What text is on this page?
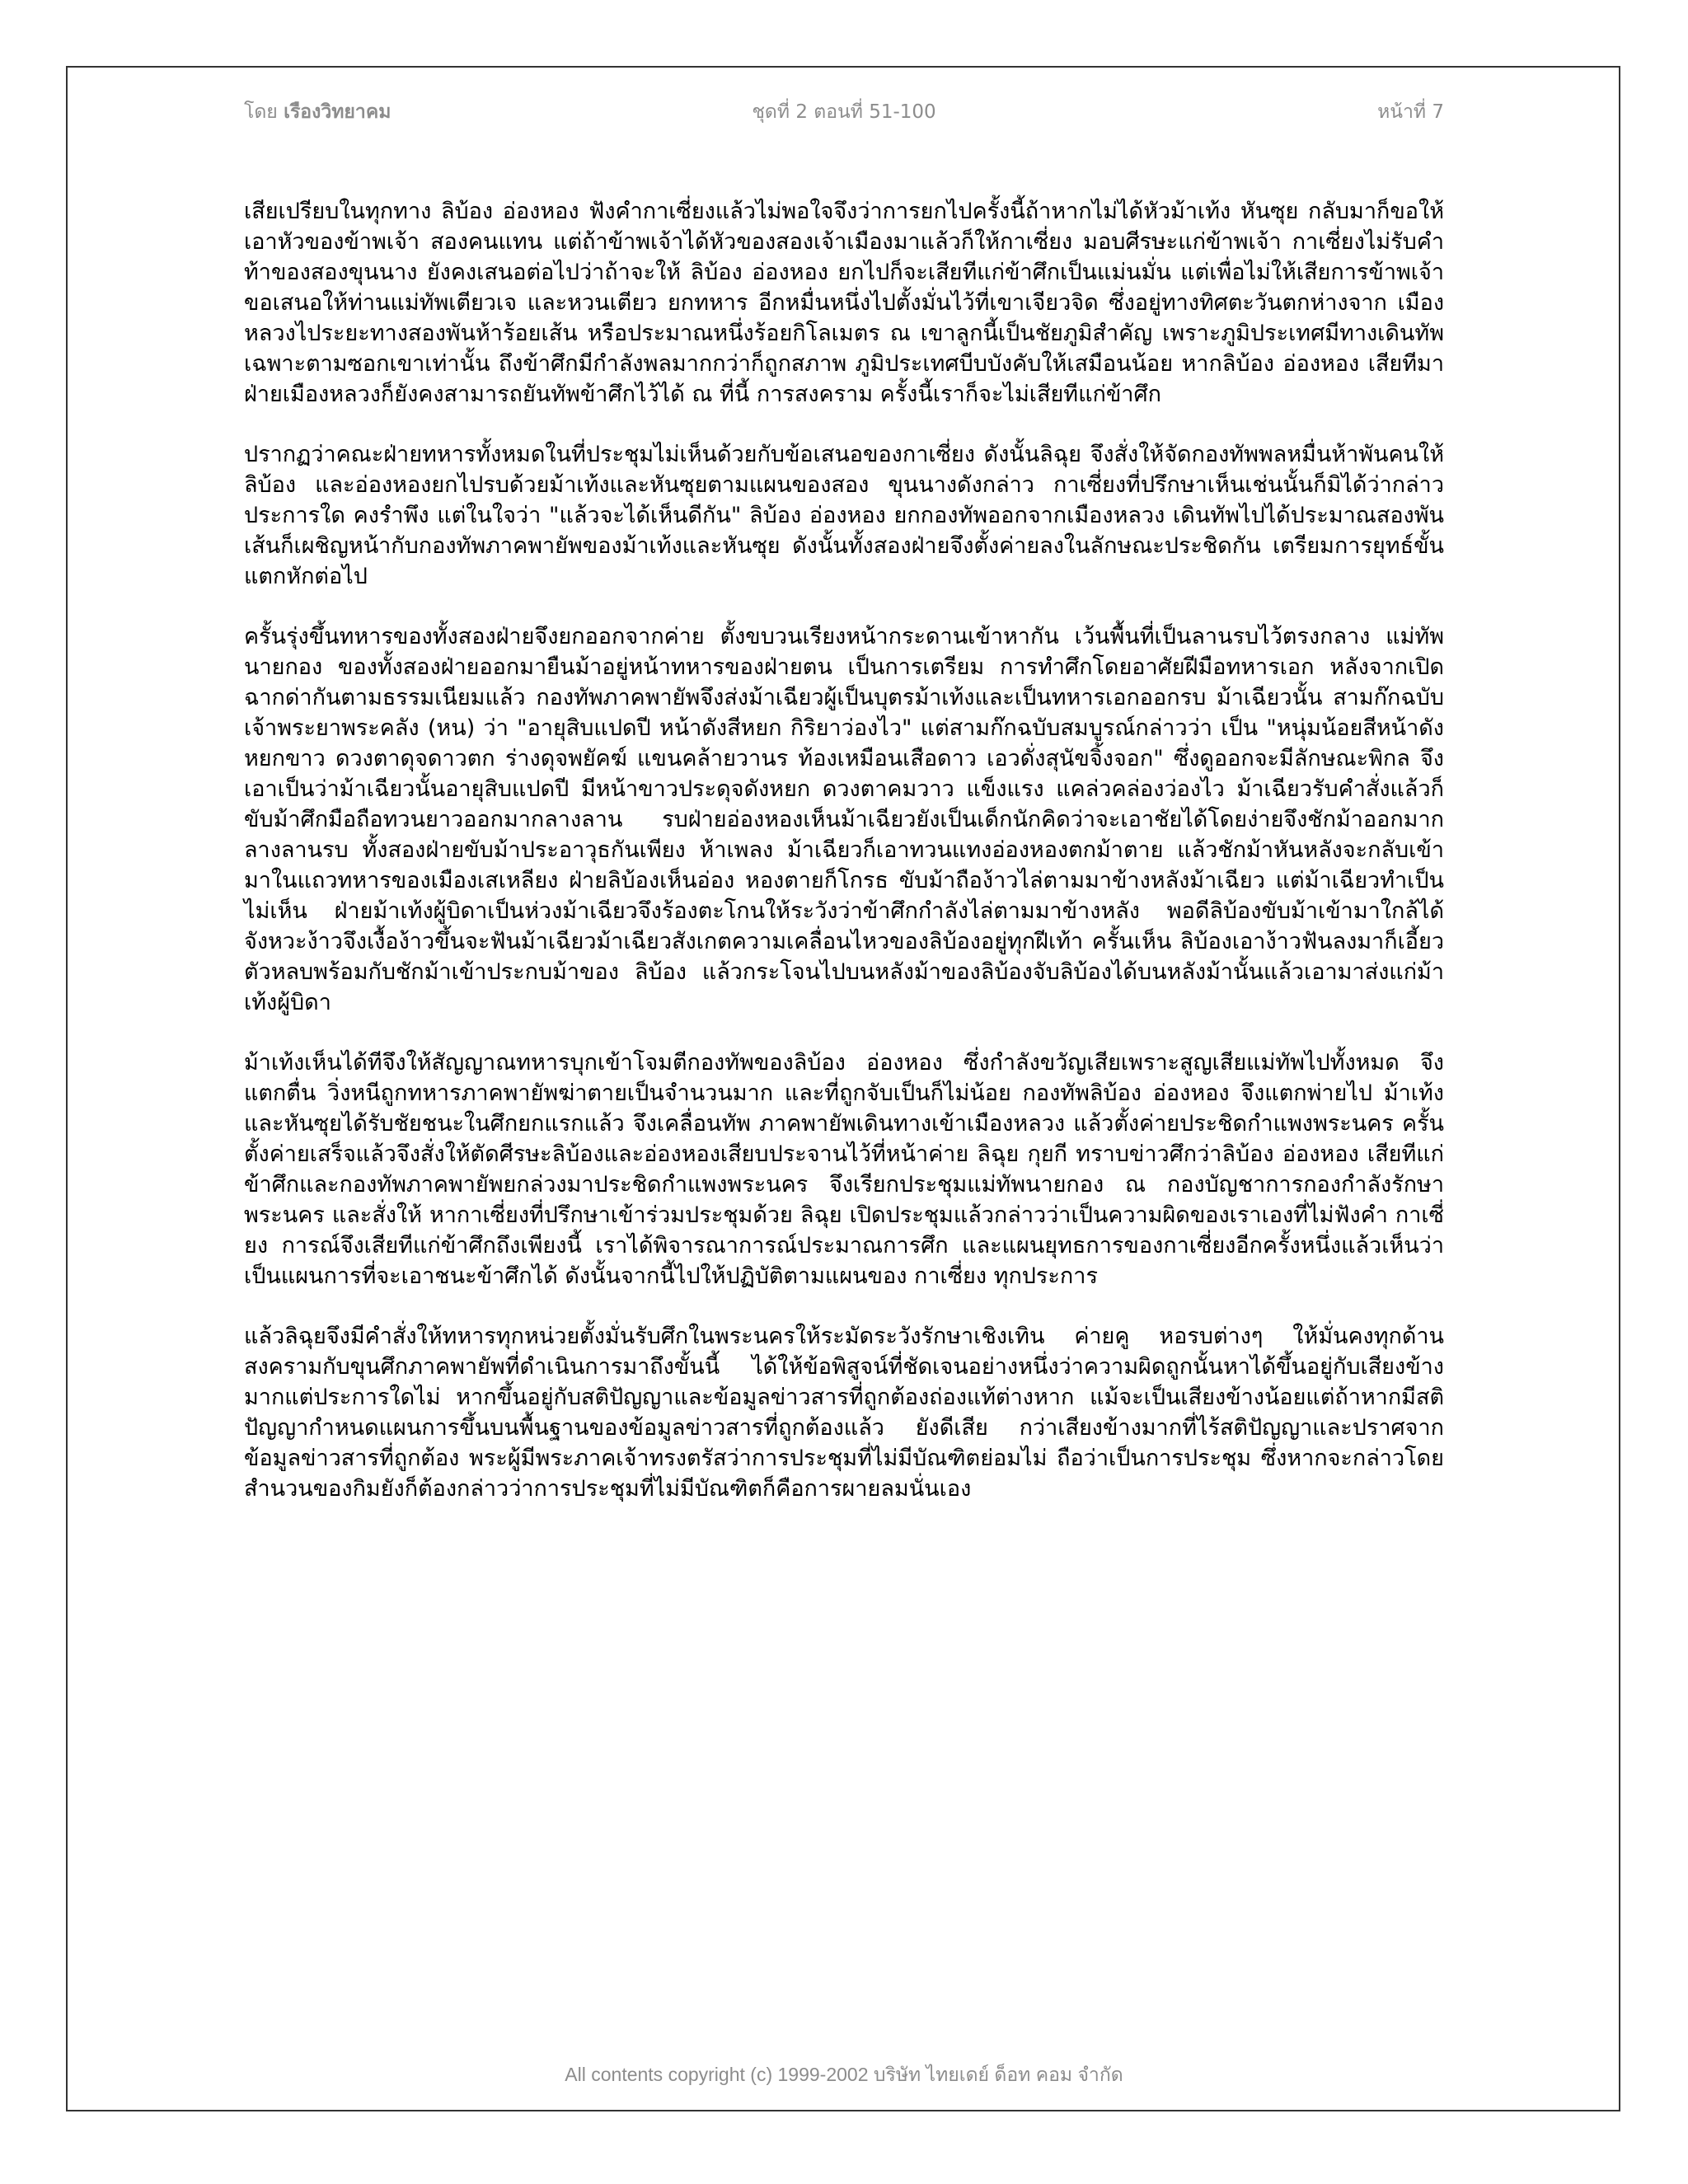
โดย เรืองวิทยาคม	ชุดที่ 2 ตอนที่ 51-100	หน้าที่ 7

เสียเปรียบในทุกทาง ลิบ้อง อ่องหอง ฟังคำกาเซี่ยงแล้วไม่พอใจจึงว่าการยกไปครั้งนี้ถ้าหากไม่ได้หัวม้าเท้ง หันซุย กลับมาก็ขอให้เอาหัวของข้าพเจ้า สองคนแทน แต่ถ้าข้าพเจ้าได้หัวของสองเจ้าเมืองมาแล้วก็ให้กาเซี่ยง มอบศีรษะแก่ข้าพเจ้า กาเซี่ยงไม่รับคำท้าของสองขุนนาง ยังคงเสนอต่อไปว่าถ้าจะให้ ลิบ้อง อ่องหอง ยกไปก็จะเสียทีแก่ข้าศึกเป็นแม่นมั่น แต่เพื่อไม่ให้เสียการข้าพเจ้าขอเสนอให้ท่านแม่ทัพเตียวเจ และหวนเตียว ยกทหาร อีกหมื่นหนึ่งไปตั้งมั่นไว้ที่เขาเจียวจิด ซึ่งอยู่ทางทิศตะวันตกห่างจาก เมืองหลวงไประยะทางสองพันห้าร้อยเส้น หรือประมาณหนึ่งร้อยกิโลเมตร ณ เขาลูกนี้เป็นชัยภูมิสำคัญ เพราะภูมิประเทศมีทางเดินทัพเฉพาะตามซอกเขาเท่านั้น ถึงข้าศึกมีกำลังพลมากกว่าก็ถูกสภาพ ภูมิประเทศบีบบังคับให้เสมือนน้อย หากลิบ้อง อ่องหอง เสียทีมาฝ่ายเมืองหลวงก็ยังคงสามารถยันทัพข้าศึกไว้ได้ ณ ที่นี้ การสงคราม ครั้งนี้เราก็จะไม่เสียทีแก่ข้าศึก

ปรากฏว่าคณะฝ่ายทหารทั้งหมดในที่ประชุมไม่เห็นด้วยกับข้อเสนอของกาเซี่ยง ดังนั้นลิฉุย จึงสั่งให้จัดกองทัพพลหมื่นห้าพันคนให้ลิบ้อง และอ่องหองยกไปรบด้วยม้าเท้งและหันซุยตามแผนของสอง ขุนนางดังกล่าว กาเซี่ยงที่ปรึกษาเห็นเช่นนั้นก็มิได้ว่ากล่าวประการใด คงรำพึง แต่ในใจว่า "แล้วจะได้เห็นดีกัน" ลิบ้อง อ่องหอง ยกกองทัพออกจากเมืองหลวง เดินทัพไปได้ประมาณสองพันเส้นก็เผชิญหน้ากับกองทัพภาคพายัพของม้าเท้งและหันซุย ดังนั้นทั้งสองฝ่ายจึงตั้งค่ายลงในลักษณะประชิดกัน เตรียมการยุทธ์ขั้นแตกหักต่อไป

ครั้นรุ่งขึ้นทหารของทั้งสองฝ่ายจึงยกออกจากค่าย ตั้งขบวนเรียงหน้ากระดานเข้าหากัน เว้นพื้นที่เป็นลานรบไว้ตรงกลาง แม่ทัพนายกอง ของทั้งสองฝ่ายออกมายืนม้าอยู่หน้าทหารของฝ่ายตน เป็นการเตรียม การทำศึกโดยอาศัยฝีมือทหารเอก หลังจากเปิดฉากด่ากันตามธรรมเนียมแล้ว กองทัพภาคพายัพจึงส่งม้าเฉียวผู้เป็นบุตรม้าเท้งและเป็นทหารเอกออกรบ ม้าเฉียวนั้น สามก๊กฉบับเจ้าพระยาพระคลัง (หน) ว่า "อายุสิบแปดปี หน้าดังสีหยก กิริยาว่องไว" แต่สามก๊กฉบับสมบูรณ์กล่าวว่า เป็น "หนุ่มน้อยสีหน้าดังหยกขาว ดวงตาดุจดาวตก ร่างดุจพยัคฆ์ แขนคล้ายวานร ท้องเหมือนเสือดาว เอวดั่งสุนัขจิ้งจอก" ซึ่งดูออกจะมีลักษณะพิกล จึงเอาเป็นว่าม้าเฉียวนั้นอายุสิบแปดปี มีหน้าขาวประดุจดังหยก ดวงตาคมวาว แข็งแรง แคล่วคล่องว่องไว ม้าเฉียวรับคำสั่งแล้วก็ขับม้าศึกมือถือทวนยาวออกมากลางลาน รบฝ่ายอ่องหองเห็นม้าเฉียวยังเป็นเด็กนักคิดว่าจะเอาชัยได้โดยง่ายจึงชักม้าออกมากลางลานรบ ทั้งสองฝ่ายขับม้าประอาวุธกันเพียง ห้าเพลง ม้าเฉียวก็เอาทวนแทงอ่องหองตกม้าตาย แล้วชักม้าหันหลังจะกลับเข้ามาในแถวทหารของเมืองเสเหลียง ฝ่ายลิบ้องเห็นอ่อง หองตายก็โกรธ ขับม้าถือง้าวไล่ตามมาข้างหลังม้าเฉียว แต่ม้าเฉียวทำเป็นไม่เห็น ฝ่ายม้าเท้งผู้บิดาเป็นห่วงม้าเฉียวจึงร้องตะโกนให้ระวังว่าข้าศึกกำลังไล่ตามมาข้างหลัง พอดีลิบ้องขับม้าเข้ามาใกล้ได้จังหวะง้าวจึงเงื้อง้าวขึ้นจะฟันม้าเฉียวม้าเฉียวสังเกตความเคลื่อนไหวของลิบ้องอยู่ทุกฝีเท้า ครั้นเห็น ลิบ้องเอาง้าวฟันลงมาก็เอี้ยวตัวหลบพร้อมกับชักม้าเข้าประกบม้าของ ลิบ้อง แล้วกระโจนไปบนหลังม้าของลิบ้องจับลิบ้องได้บนหลังม้านั้นแล้วเอามาส่งแก่ม้าเท้งผู้บิดา

ม้าเท้งเห็นได้ทีจึงให้สัญญาณทหารบุกเข้าโจมตีกองทัพของลิบ้อง อ่องหอง ซึ่งกำลังขวัญเสียเพราะสูญเสียแม่ทัพไปทั้งหมด จึงแตกตื่น วิ่งหนีถูกทหารภาคพายัพฆ่าตายเป็นจำนวนมาก และที่ถูกจับเป็นก็ไม่น้อย กองทัพลิบ้อง อ่องหอง จึงแตกพ่ายไป ม้าเท้งและหันซุยได้รับชัยชนะในศึกยกแรกแล้ว จึงเคลื่อนทัพ ภาคพายัพเดินทางเข้าเมืองหลวง แล้วตั้งค่ายประชิดกำแพงพระนคร ครั้นตั้งค่ายเสร็จแล้วจึงสั่งให้ตัดศีรษะลิบ้องและอ่องหองเสียบประจานไว้ที่หน้าค่าย ลิฉุย กุยกี ทราบข่าวศึกว่าลิบ้อง อ่องหอง เสียทีแก่ข้าศึกและกองทัพภาคพายัพยกล่วงมาประชิดกำแพงพระนคร จึงเรียกประชุมแม่ทัพนายกอง ณ กองบัญชาการกองกำลังรักษาพระนคร และสั่งให้ หากาเซี่ยงที่ปรึกษาเข้าร่วมประชุมด้วย ลิฉุย เปิดประชุมแล้วกล่าวว่าเป็นความผิดของเราเองที่ไม่ฟังคำ กาเซี่ยง การณ์จึงเสียทีแก่ข้าศึกถึงเพียงนี้ เราได้พิจารณาการณ์ประมาณการศึก และแผนยุทธการของกาเซี่ยงอีกครั้งหนึ่งแล้วเห็นว่า เป็นแผนการที่จะเอาชนะข้าศึกได้ ดังนั้นจากนี้ไปให้ปฏิบัติตามแผนของ กาเซี่ยง ทุกประการ

แล้วลิฉุยจึงมีคำสั่งให้ทหารทุกหน่วยตั้งมั่นรับศึกในพระนครให้ระมัดระวังรักษาเชิงเทิน ค่ายคู หอรบต่างๆ ให้มั่นคงทุกด้าน สงครามกับขุนศึกภาคพายัพที่ดำเนินการมาถึงขั้นนี้ ได้ให้ข้อพิสูจน์ที่ชัดเจนอย่างหนึ่งว่าความผิดถูกนั้นหาได้ขึ้นอยู่กับเสียงข้างมากแต่ประการใดไม่ หากขึ้นอยู่กับสติปัญญาและข้อมูลข่าวสารที่ถูกต้องถ่องแท้ต่างหาก แม้จะเป็นเสียงข้างน้อยแต่ถ้าหากมีสติปัญญากำหนดแผนการขึ้นบนพื้นฐานของข้อมูลข่าวสารที่ถูกต้องแล้ว ยังดีเสีย กว่าเสียงข้างมากที่ไร้สติปัญญาและปราศจากข้อมูลข่าวสารที่ถูกต้อง พระผู้มีพระภาคเจ้าทรงตรัสว่าการประชุมที่ไม่มีบัณฑิตย่อมไม่ ถือว่าเป็นการประชุม ซึ่งหากจะกล่าวโดยสำนวนของกิมยังก็ต้องกล่าวว่าการประชุมที่ไม่มีบัณฑิตก็คือการผายลมนั่นเอง

All contents copyright (c) 1999-2002 บริษัท ไทยเดย์ ด็อท คอม จำกัด
